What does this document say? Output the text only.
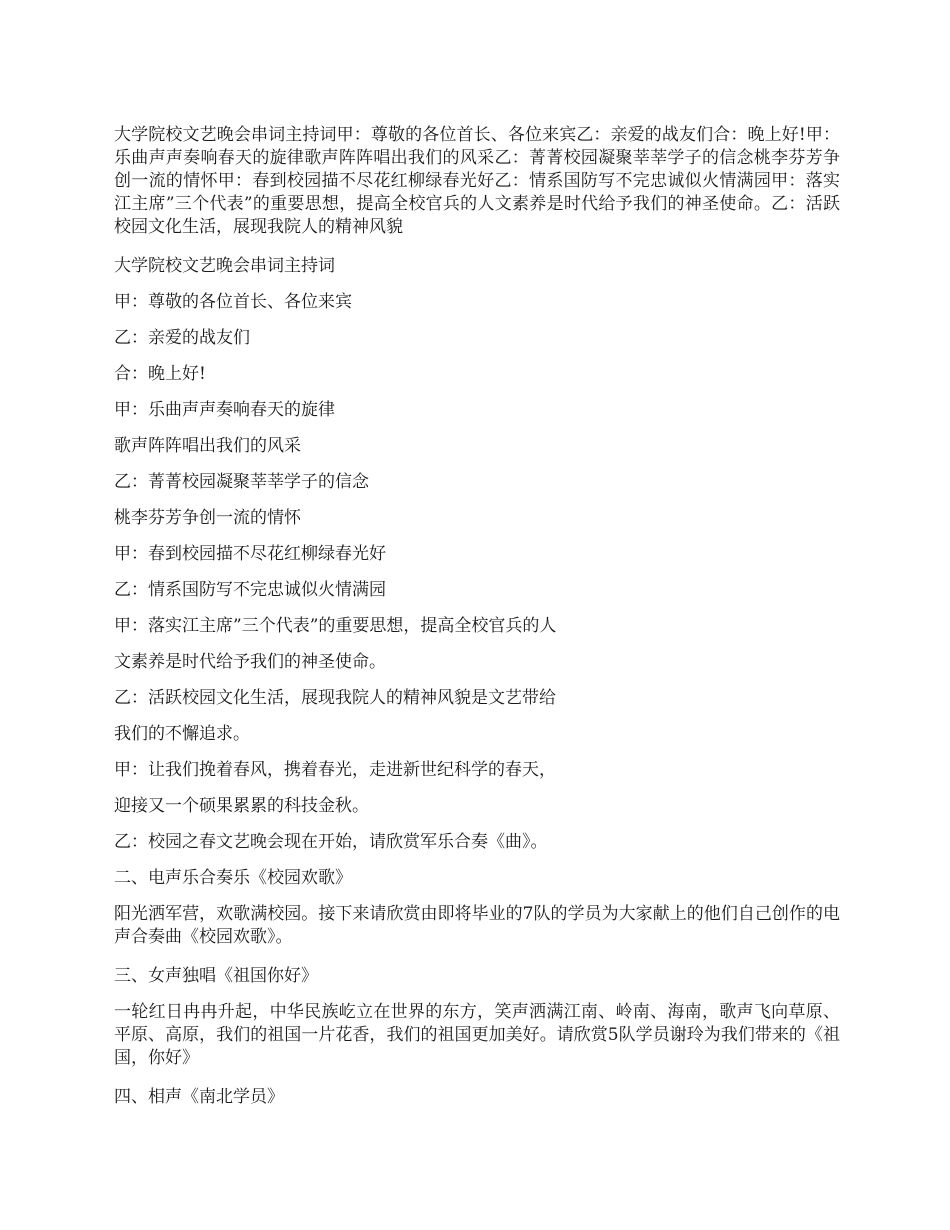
大学院校文艺晚会串词主持词甲：尊敬的各位首长、各位来宾乙：亲爱的战友们合：晚上好!甲：乐曲声声奏响春天的旋律歌声阵阵唱出我们的风采乙：菁菁校园凝聚莘莘学子的信念桃李芬芳争创一流的情怀甲：春到校园描不尽花红柳绿春光好乙：情系国防写不完忠诚似火情满园甲：落实江主席”三个代表”的重要思想，提高全校官兵的人文素养是时代给予我们的神圣使命。乙：活跃校园文化生活，展现我院人的精神风貌

大学院校文艺晚会串词主持词

甲：尊敬的各位首长、各位来宾

乙：亲爱的战友们

合：晚上好!

甲：乐曲声声奏响春天的旋律

歌声阵阵唱出我们的风采

乙：菁菁校园凝聚莘莘学子的信念

桃李芬芳争创一流的情怀

甲：春到校园描不尽花红柳绿春光好

乙：情系国防写不完忠诚似火情满园

甲：落实江主席”三个代表”的重要思想，提高全校官兵的人

文素养是时代给予我们的神圣使命。

乙：活跃校园文化生活，展现我院人的精神风貌是文艺带给

我们的不懈追求。

甲：让我们挽着春风，携着春光，走进新世纪科学的春天，

迎接又一个硕果累累的科技金秋。

乙：校园之春文艺晚会现在开始，请欣赏军乐合奏《曲》。

二、电声乐合奏乐《校园欢歌》

阳光洒军营，欢歌满校园。接下来请欣赏由即将毕业的7队的学员为大家献上的他们自己创作的电声合奏曲《校园欢歌》。

三、女声独唱《祖国你好》

一轮红日冉冉升起，中华民族屹立在世界的东方，笑声洒满江南、岭南、海南，歌声飞向草原、平原、高原，我们的祖国一片花香，我们的祖国更加美好。请欣赏5队学员谢玲为我们带来的《祖国，你好》

四、相声《南北学员》
